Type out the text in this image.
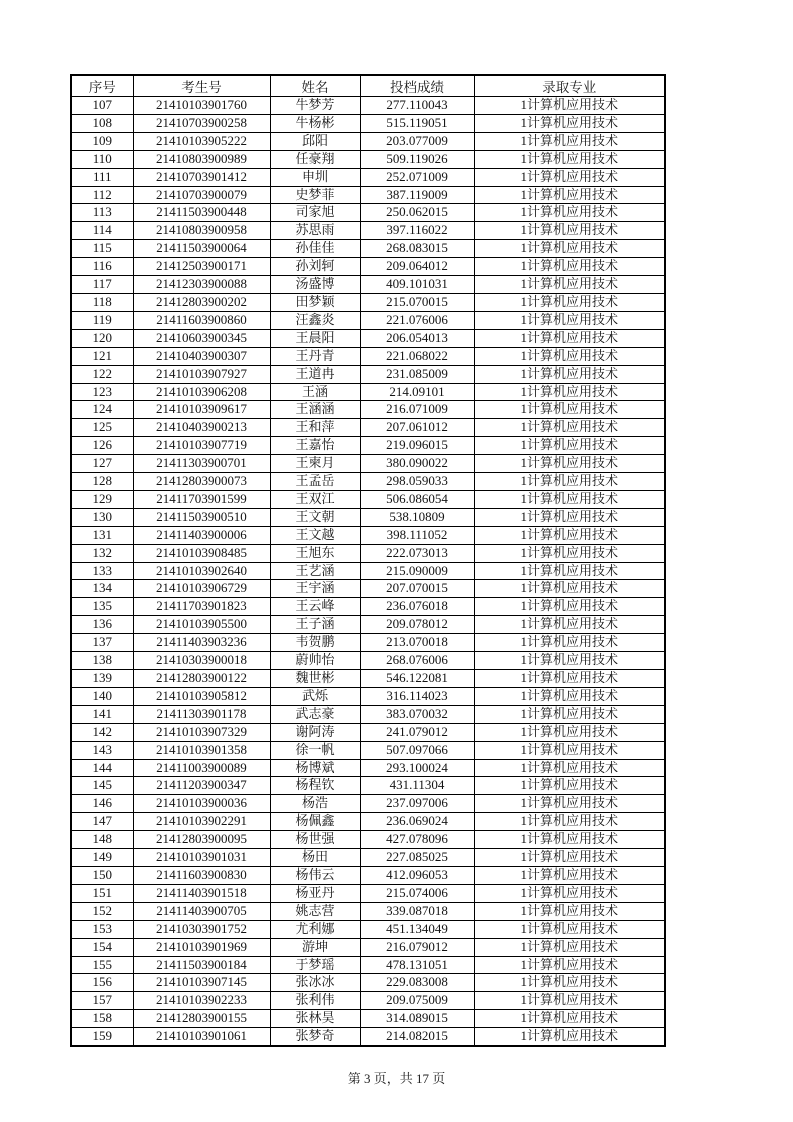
序号	考生号	姓名	投档成绩	录取专业
107	21410103901760	牛梦芳	277.110043	1计算机应用技术
108	21410703900258	牛杨彬	515.119051	1计算机应用技术
109	21410103905222	邱阳	203.077009	1计算机应用技术
110	21410803900989	任豪翔	509.119026	1计算机应用技术
111	21410703901412	申圳	252.071009	1计算机应用技术
112	21410703900079	史梦菲	387.119009	1计算机应用技术
113	21411503900448	司家旭	250.062015	1计算机应用技术
114	21410803900958	苏思雨	397.116022	1计算机应用技术
115	21411503900064	孙佳佳	268.083015	1计算机应用技术
116	21412503900171	孙刘轲	209.064012	1计算机应用技术
117	21412303900088	汤盛博	409.101031	1计算机应用技术
118	21412803900202	田梦颖	215.070015	1计算机应用技术
119	21411603900860	汪鑫炎	221.076006	1计算机应用技术
120	21410603900345	王晨阳	206.054013	1计算机应用技术
121	21410403900307	王丹青	221.068022	1计算机应用技术
122	21410103907927	王道冉	231.085009	1计算机应用技术
123	21410103906208	王涵	214.09101	1计算机应用技术
124	21410103909617	王涵涵	216.071009	1计算机应用技术
125	21410403900213	王和萍	207.061012	1计算机应用技术
126	21410103907719	王嘉怡	219.096015	1计算机应用技术
127	21411303900701	王柬月	380.090022	1计算机应用技术
128	21412803900073	王孟岳	298.059033	1计算机应用技术
129	21411703901599	王双江	506.086054	1计算机应用技术
130	21411503900510	王文朝	538.10809	1计算机应用技术
131	21411403900006	王文越	398.111052	1计算机应用技术
132	21410103908485	王旭东	222.073013	1计算机应用技术
133	21410103902640	王艺涵	215.090009	1计算机应用技术
134	21410103906729	王宇涵	207.070015	1计算机应用技术
135	21411703901823	王云峰	236.076018	1计算机应用技术
136	21410103905500	王子涵	209.078012	1计算机应用技术
137	21411403903236	韦贺鹏	213.070018	1计算机应用技术
138	21410303900018	蔚帅怡	268.076006	1计算机应用技术
139	21412803900122	魏世彬	546.122081	1计算机应用技术
140	21410103905812	武烁	316.114023	1计算机应用技术
141	21411303901178	武志豪	383.070032	1计算机应用技术
142	21410103907329	谢阿涛	241.079012	1计算机应用技术
143	21410103901358	徐一帆	507.097066	1计算机应用技术
144	21411003900089	杨博斌	293.100024	1计算机应用技术
145	21411203900347	杨程钦	431.11304	1计算机应用技术
146	21410103900036	杨浩	237.097006	1计算机应用技术
147	21410103902291	杨佩鑫	236.069024	1计算机应用技术
148	21412803900095	杨世强	427.078096	1计算机应用技术
149	21410103901031	杨田	227.085025	1计算机应用技术
150	21411603900830	杨伟云	412.096053	1计算机应用技术
151	21411403901518	杨亚丹	215.074006	1计算机应用技术
152	21411403900705	姚志营	339.087018	1计算机应用技术
153	21410303901752	尤利娜	451.134049	1计算机应用技术
154	21410103901969	游坤	216.079012	1计算机应用技术
155	21411503900184	于梦瑶	478.131051	1计算机应用技术
156	21410103907145	张冰冰	229.083008	1计算机应用技术
157	21410103902233	张利伟	209.075009	1计算机应用技术
158	21412803900155	张林昊	314.089015	1计算机应用技术
159	21410103901061	张梦奇	214.082015	1计算机应用技术
第 3 页，共 17 页
